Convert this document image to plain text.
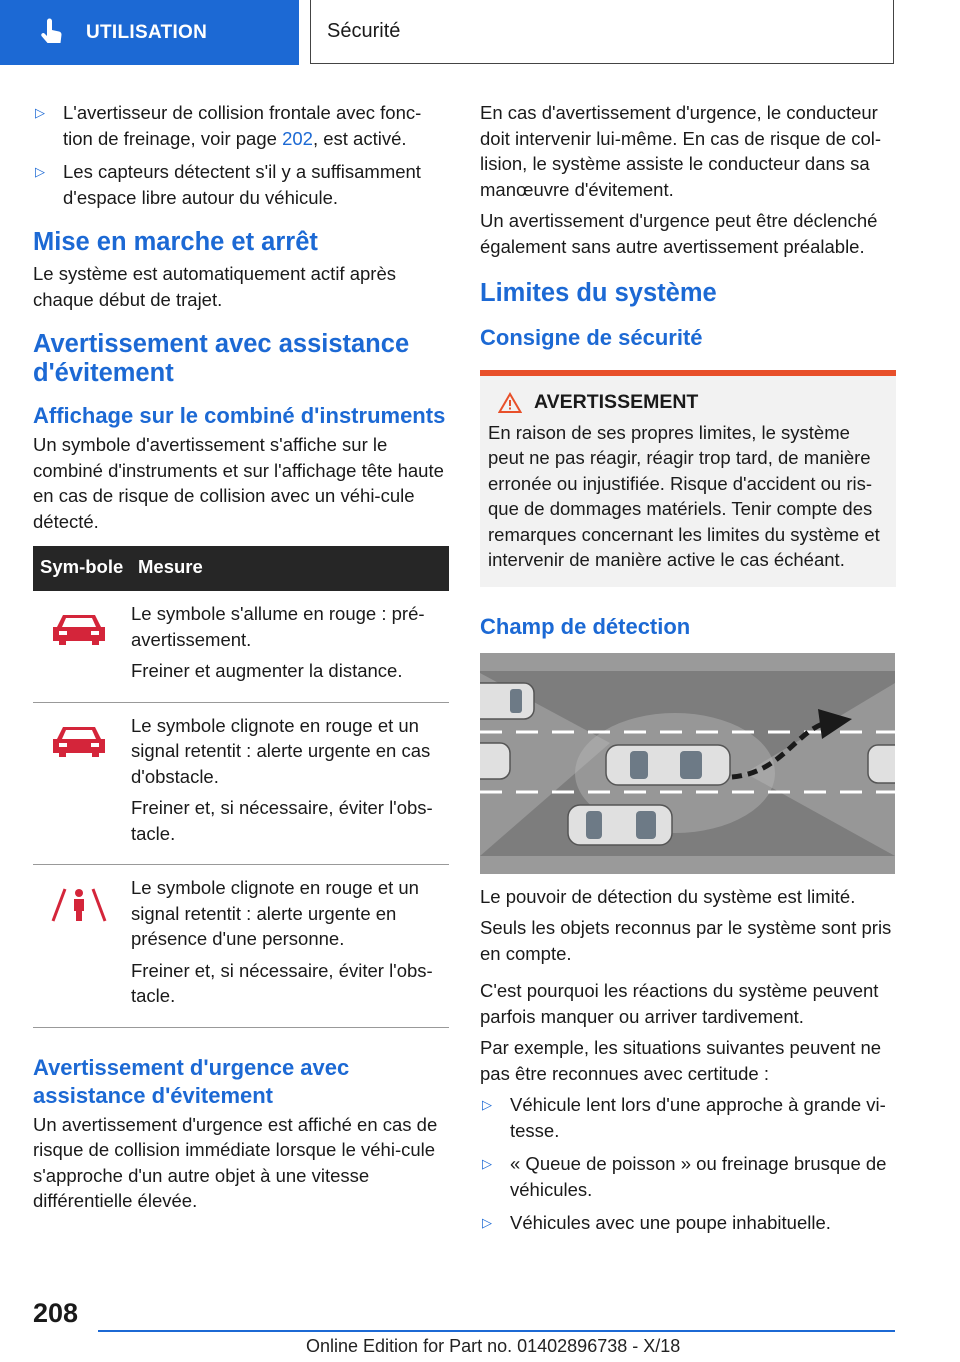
UTILISATION	Sécurité
▷ L'avertisseur de collision frontale avec fonc-tion de freinage, voir page 202, est activé.
▷ Les capteurs détectent s'il y a suffisamment d'espace libre autour du véhicule.
Mise en marche et arrêt

Le système est automatiquement actif après chaque début de trajet.

Avertissement avec assistance d'évitement
Affichage sur le combiné d'instruments

Un symbole d'avertissement s'affiche sur le combiné d'instruments et sur l'affichage tête haute en cas de risque de collision avec un véhi-cule détecté.

Sym-bole	Mesure

Le symbole s'allume en rouge : pré-avertissement.

Freiner et augmenter la distance.

Le symbole clignote en rouge et un signal retentit : alerte urgente en cas d'obstacle.

Freiner et, si nécessaire, éviter l'obs-tacle.

Le symbole clignote en rouge et un signal retentit : alerte urgente en présence d'une personne.

Freiner et, si nécessaire, éviter l'obs-tacle.

Avertissement d'urgence avec assistance d'évitement

Un avertissement d'urgence est affiché en cas de risque de collision immédiate lorsque le véhi-cule s'approche d'un autre objet à une vitesse différentielle élevée.

En cas d'avertissement d'urgence, le conducteur doit intervenir lui-même. En cas de risque de col-lision, le système assiste le conducteur dans sa manœuvre d'évitement.

Un avertissement d'urgence peut être déclenché également sans autre avertissement préalable.

Limites du système
Consigne de sécurité
AVERTISSEMENT

En raison de ses propres limites, le système peut ne pas réagir, réagir trop tard, de manière erronée ou injustifiée. Risque d'accident ou ris-que de dommages matériels. Tenir compte des remarques concernant les limites du système et intervenir de manière active le cas échéant.

Champ de détection

Le pouvoir de détection du système est limité.

Seuls les objets reconnus par le système sont pris en compte.

C'est pourquoi les réactions du système peuvent parfois manquer ou arriver tardivement.

Par exemple, les situations suivantes peuvent ne pas être reconnues avec certitude :

▷ Véhicule lent lors d'une approche à grande vi-tesse.
▷ « Queue de poisson » ou freinage brusque de véhicules.
▷ Véhicules avec une poupe inhabituelle.
208
Online Edition for Part no. 01402896738 - X/18
